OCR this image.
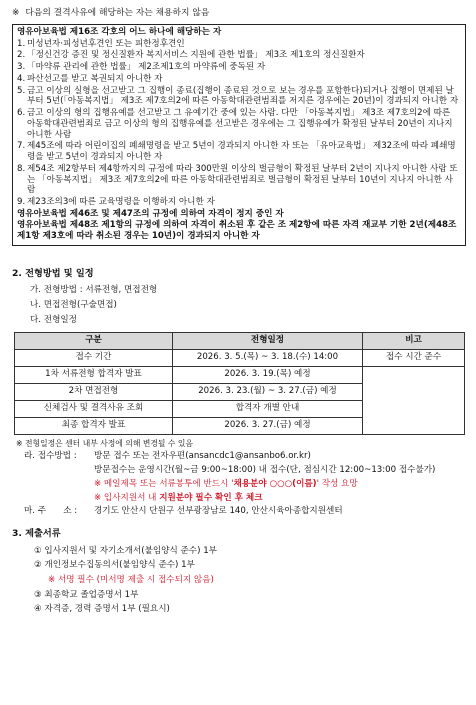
※ 다음의 결격사유에 해당하는 자는 채용하지 않음
영유아보육법 제16조 각호의 어느 하나에 해당하는 자
1. 미성년자·피성년후견인 또는 피한정후견인
2. 「정신건강 증진 및 정신질환자 복지서비스 지원에 관한 법률」 제3조 제1호의 정신질환자
3. 「마약류 관리에 관한 법률」 제2조제1호의 마약류에 중독된 자
4. 파산선고를 받고 복권되지 아니한 자
5. 금고 이상의 실형을 선고받고 그 집행이 종료(집행이 종료된 것으로 보는 경우를 포함한다)되거나 집행이 면제된 날부터 5년(「아동복지법」 제3조 제7호의2에 따른 아동학대관련범죄를 저지른 경우에는 20년)이 경과되지 아니한 자
6. 금고 이상의 형의 집행유예를 선고받고 그 유예기간 중에 있는 사람. 다만 「아동복지법」 제3조 제7호의2에 따른 아동학대관련범죄로 금고 이상의 형의 집행유예를 선고받은 경우에는 그 집행유예가 확정된 날부터 20년이 지나지 아니한 사람
7. 제45조에 따라 어린이집의 폐쇄명령을 받고 5년이 경과되지 아니한 자 또는 「유아교육법」 제32조에 따라 폐쇄명령을 받고 5년이 경과되지 아니한 자
8. 제54조 제2항부터 제4항까지의 규정에 따라 300만원 이상의 벌금형이 확정된 날부터 2년이 지나지 아니한 사람 또는 「아동복지법」 제3조 제7호의2에 따른 아동학대관련범죄로 벌금형이 확정된 날부터 10년이 지나지 아니한 사람
9. 제23조의3에 따른 교육명령을 이행하지 아니한 자
영유아보육법 제46조 및 제47조의 규정에 의하여 자격이 정지 중인 자
영유아보육법 제48조 제1항의 규정에 의하여 자격이 취소된 후 같은 조 제2항에 따른 자격 재교부 기한 2년(제48조 제1항 제3호에 따라 취소된 경우는 10년)이 경과되지 아니한 자
2. 전형방법 및 일정
가. 전형방법 : 서류전형, 면접전형
나. 면접전형(구술면접)
다. 전형일정
구분	전형일정	비고
접수 기간	2026. 3. 5.(목) ~ 3. 18.(수) 14:00	접수 시간 준수
1차 서류전형 합격자 발표	2026. 3. 19.(목) 예정	
2차 면접전형	2026. 3. 23.(월) ~ 3. 27.(금) 예정	
신체검사 및 결격사유 조회	합격자 개별 안내	
최종 합격자 발표	2026. 3. 27.(금) 예정	
※ 전형일정은 센터 내부 사정에 의해 변경될 수 있음
라. 접수방법 :	방문 접수 또는 전자우편(ansancdc1@ansanbo6.or.kr)
방문접수는 운영시간(월~금 9:00~18:00) 내 접수(단, 점심시간 12:00~13:00 접수불가)
※ 메일제목 또는 서류봉투에 반드시 '채용분야 ○○○(이름)' 작성 요망
※ 입사지원서 내 지원분야 필수 확인 후 체크
마. 주　　소 :	경기도 안산시 단원구 선부광장남로 140, 안산시육아종합지원센터
3. 제출서류
① 입사지원서 및 자기소개서(붙임양식 준수) 1부
② 개인정보수집동의서(붙임양식 준수) 1부
※ 서명 필수 (미서명 제출 시 접수되지 않음)
③ 최종학교 졸업증명서 1부
④ 자격증, 경력 증명서 1부 (필요시)
